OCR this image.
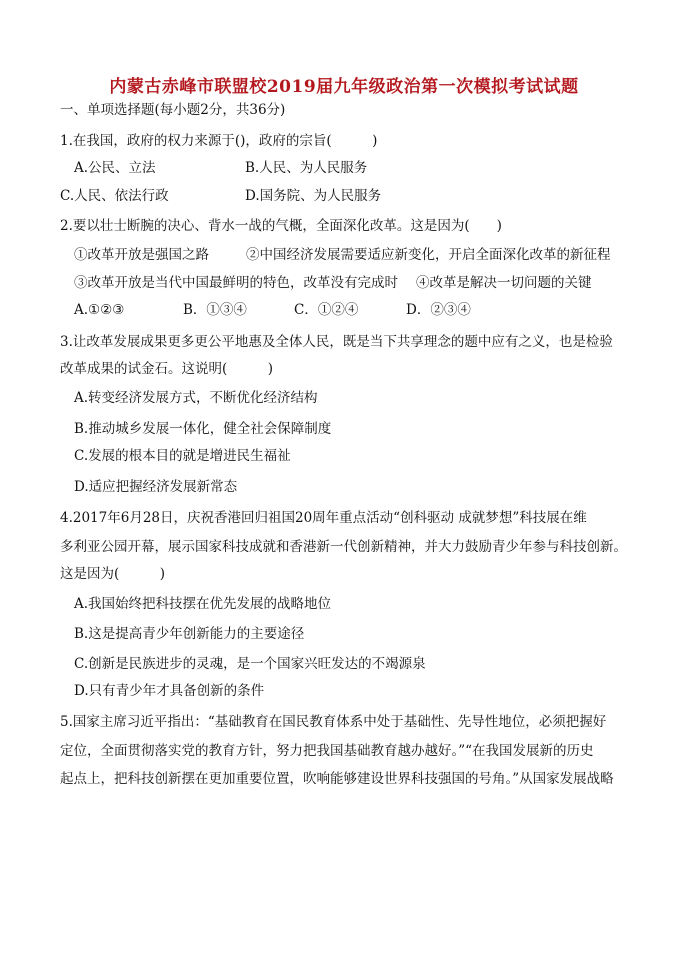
内蒙古赤峰市联盟校2019届九年级政治第一次模拟考试试题
一、单项选择题(每小题2分，共36分)
1.在我国，政府的权力来源于()，政府的宗旨(　　　)
A.公民、立法	B.人民、为人民服务
C.人民、依法行政	D.国务院、为人民服务
2.要以壮士断腕的决心、背水一战的气概，全面深化改革。这是因为(　　)
①改革开放是强国之路	②中国经济发展需要适应新变化，开启全面深化改革的新征程
③改革开放是当代中国最鲜明的特色，改革没有完成时 ④改革是解决一切问题的关键
A.①②③	B．①③④	C．①②④	D．②③④
3.让改革发展成果更多更公平地惠及全体人民，既是当下共享理念的题中应有之义，也是检验
改革成果的试金石。这说明(　　　)
A.转变经济发展方式，不断优化经济结构
B.推动城乡发展一体化，健全社会保障制度
C.发展的根本目的就是增进民生福祉
D.适应把握经济发展新常态
4.2017年6月28日，庆祝香港回归祖国20周年重点活动“创科驱动 成就梦想”科技展在维
多利亚公园开幕，展示国家科技成就和香港新一代创新精神，并大力鼓励青少年参与科技创新。
这是因为(　　　)
A.我国始终把科技摆在优先发展的战略地位
B.这是提高青少年创新能力的主要途径
C.创新是民族进步的灵魂，是一个国家兴旺发达的不竭源泉
D.只有青少年才具备创新的条件
5.国家主席习近平指出：“基础教育在国民教育体系中处于基础性、先导性地位，必须把握好
定位，全面贯彻落实党的教育方针，努力把我国基础教育越办越好。”“在我国发展新的历史
起点上，把科技创新摆在更加重要位置，吹响能够建设世界科技强国的号角。”从国家发展战略
